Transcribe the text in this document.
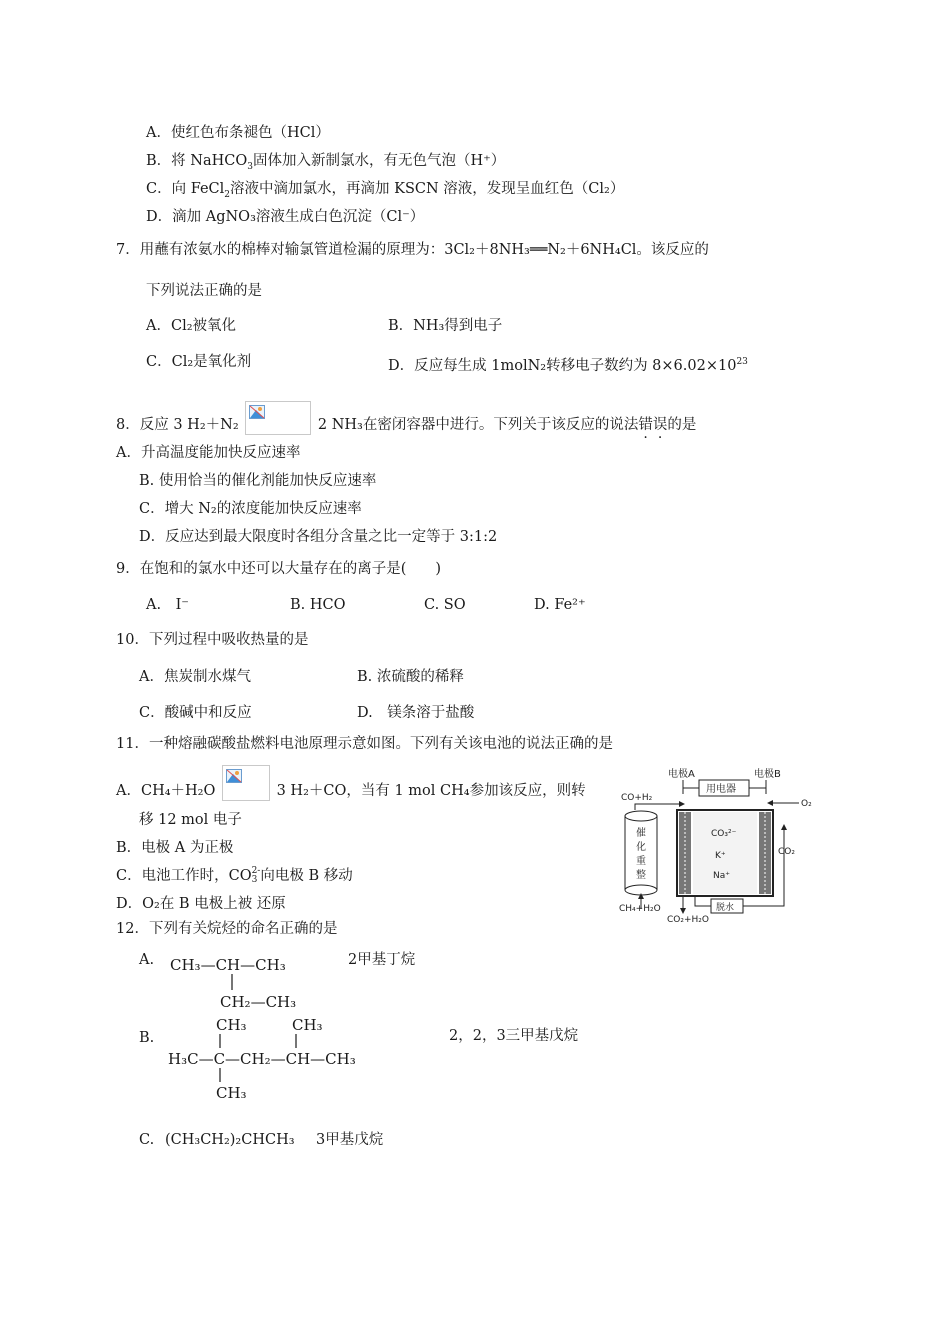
A．使红色布条褪色（HCl）
B．将 NaHCO$_3$固体加入新制氯水，有无色气泡（H⁺）
C．向 FeCl$_2$溶液中滴加氯水，再滴加 KSCN 溶液，发现呈血红色（Cl₂）
D．滴加 AgNO₃溶液生成白色沉淀（Cl⁻）
7．用蘸有浓氨水的棉棒对输氯管道检漏的原理为：3Cl₂＋8NH₃══N₂＋6NH₄Cl。该反应的
下列说法正确的是
A．Cl₂被氧化	B．NH₃得到电子
C．Cl₂是氧化剂	D．反应每生成 1molN₂转移电子数约为 $8\times 6.02\times 10^{23}$
8．反应 3 H₂＋N₂	2 NH₃在密闭容器中进行。下列关于该反应的说法错误的是
A．升高温度能加快反应速率
B. 使用恰当的催化剂能加快反应速率
C．增大 N₂的浓度能加快反应速率
D．反应达到最大限度时各组分含量之比一定等于 3:1:2
9．在饱和的氯水中还可以大量存在的离子是(　　)
A.　I⁻	B. HCO	C. SO	D. Fe²⁺
10．下列过程中吸收热量的是
A．焦炭制水煤气	B. 浓硫酸的稀释
C．酸碱中和反应	D.　镁条溶于盐酸
11．一种熔融碳酸盐燃料电池原理示意如图。下列有关该电池的说法正确的是
A．CH₄＋H₂O	3 H₂＋CO，当有 1 mol CH₄参加该反应，则转
移 12 mol 电子
B．电极 A 为正极
C．电池工作时，CO 2-
3 向电极 B 移动
D．O₂在 B 电极上被 还原
电极A	电极B
用电器
CO+H₂
O₂
CO₂
催
化
重
整
CH₄+H₂O
CO₃²⁻
K⁺
Na⁺
CO₂+H₂O
脱水
12．下列有关烷烃的命名正确的是
A. CH₃—CH—CH₃
CH₂—CH₃
2甲基丁烷
B.
CH₃	CH₃
H₃C—C—CH₂—CH—CH₃
CH₃
2，2，3三甲基戊烷
C. (CH₃CH₂)₂CHCH₃ 3甲基戊烷
